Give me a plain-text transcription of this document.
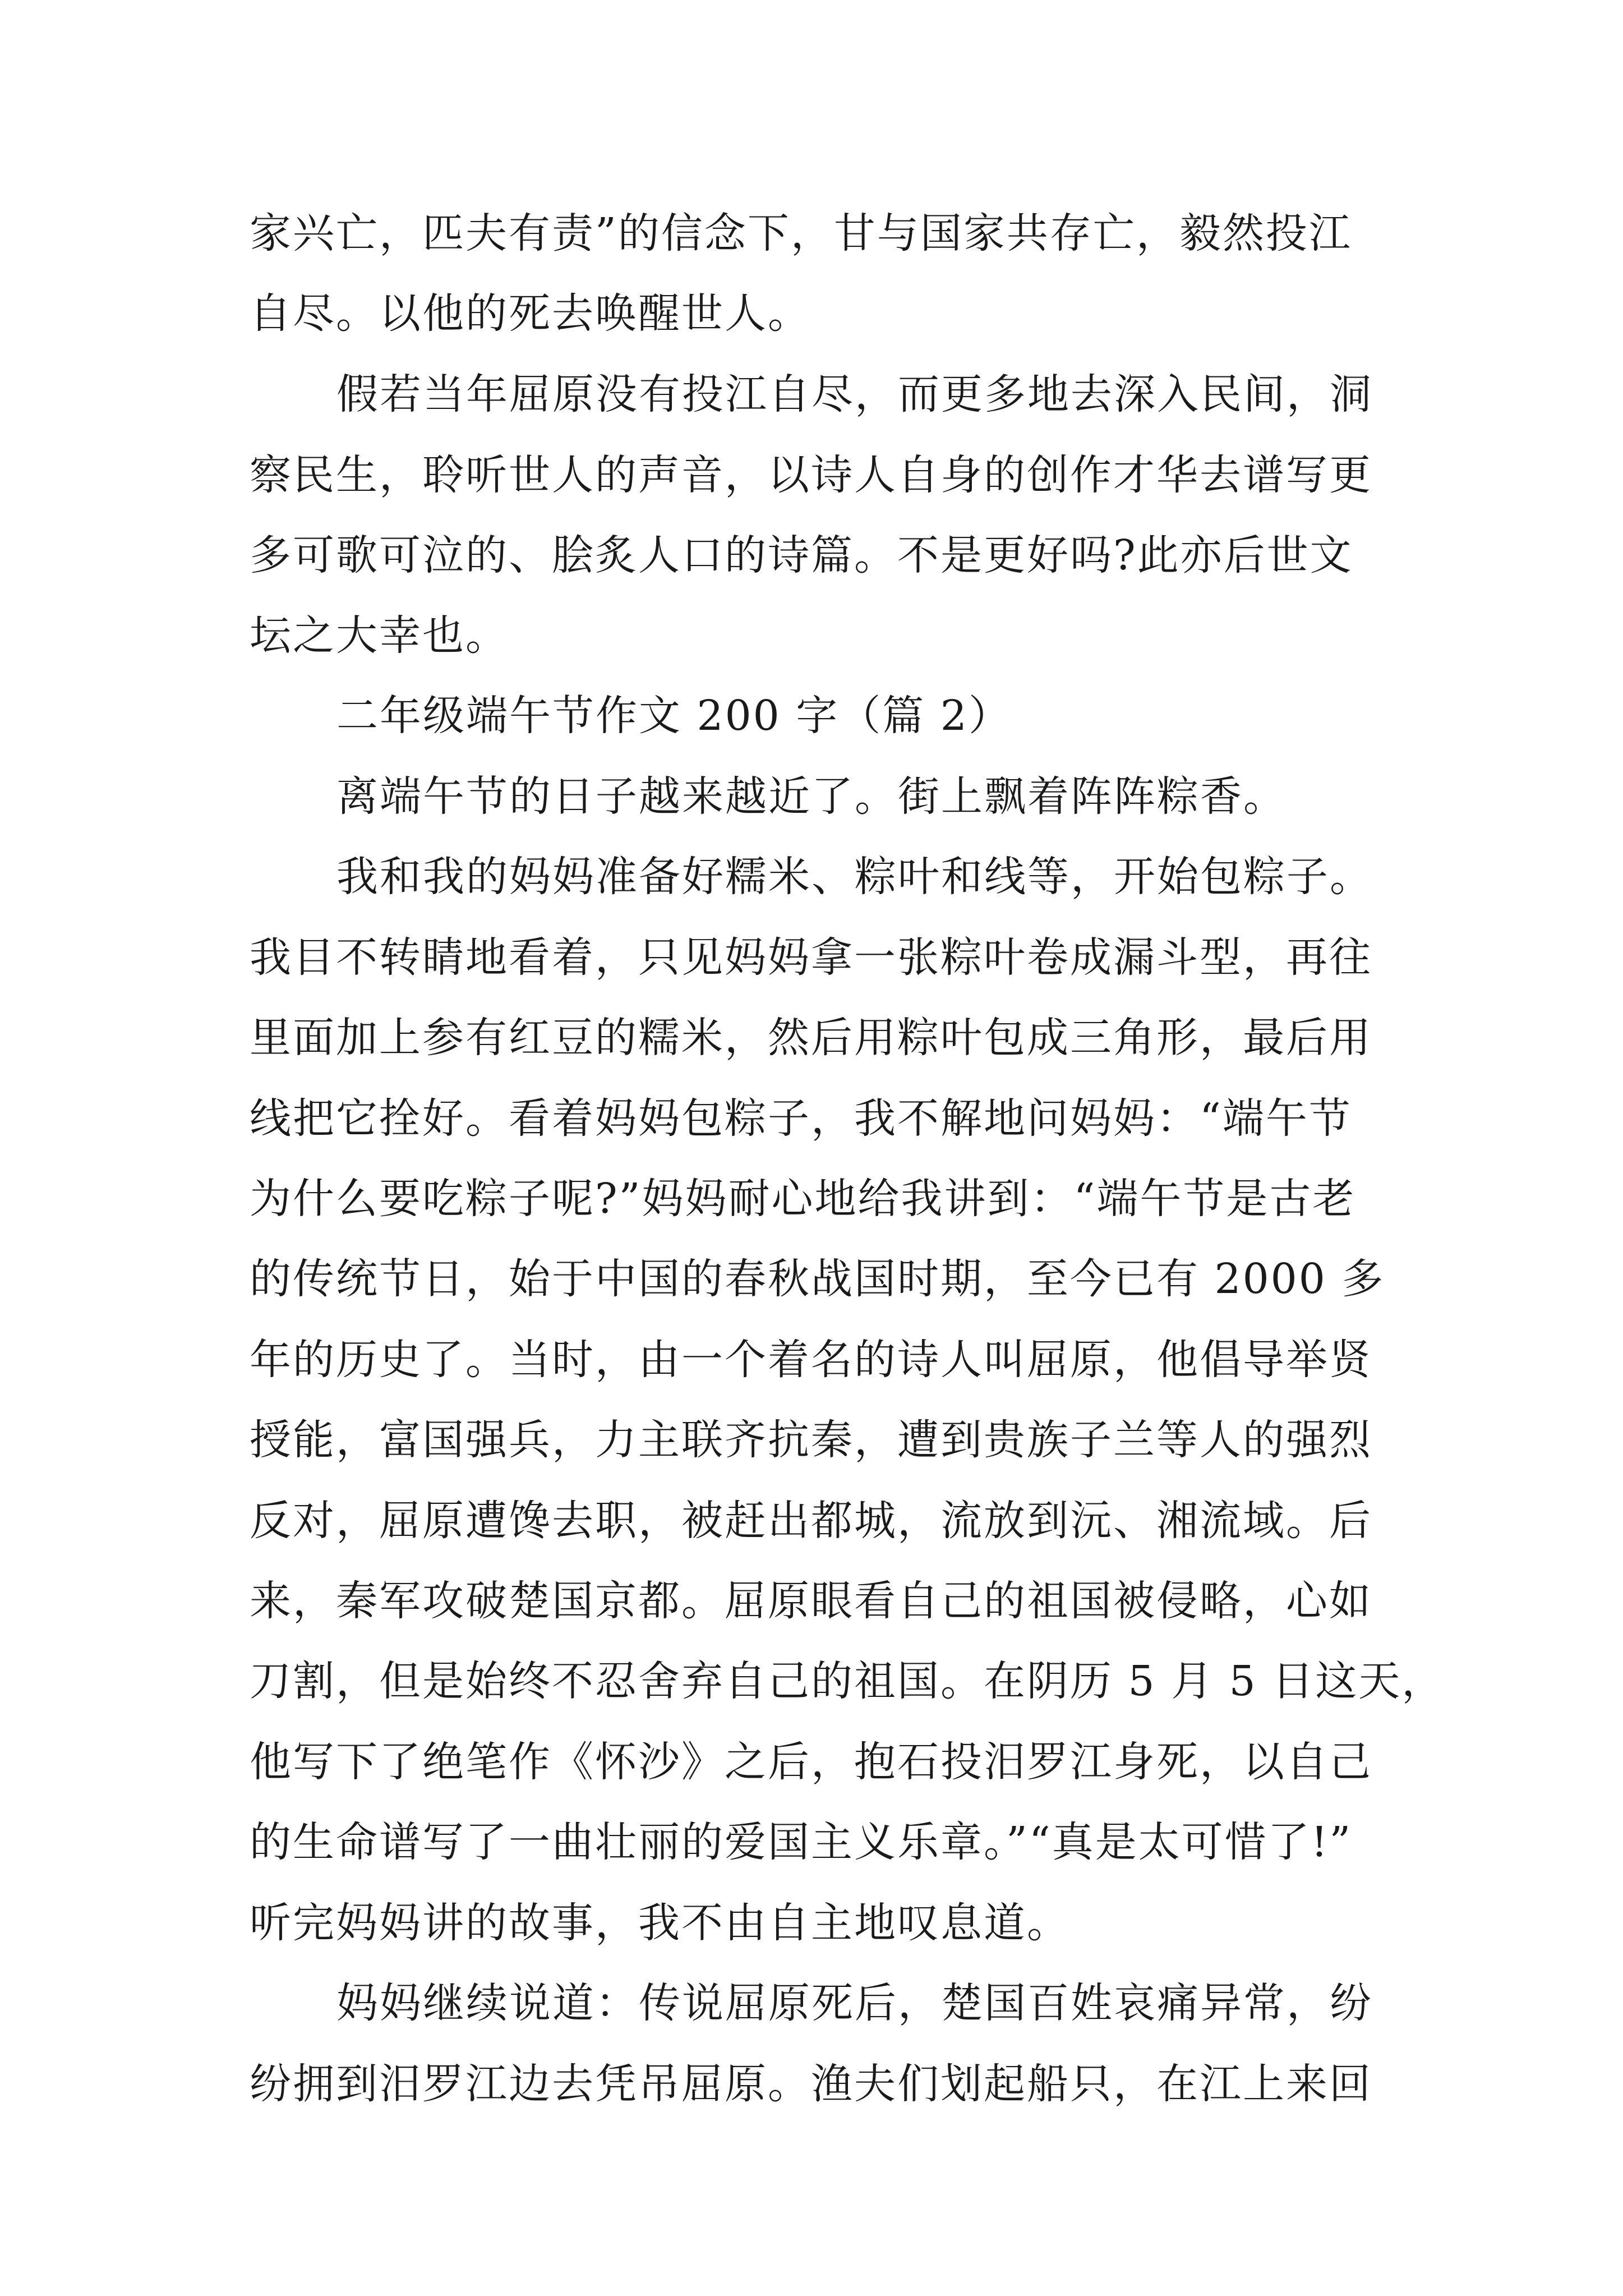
家兴亡，匹夫有责”的信念下，甘与国家共存亡，毅然投江
自尽。以他的死去唤醒世人。
假若当年屈原没有投江自尽，而更多地去深入民间，洞
察民生，聆听世人的声音，以诗人自身的创作才华去谱写更
多可歌可泣的、脍炙人口的诗篇。不是更好吗?此亦后世文
坛之大幸也。
二年级端午节作文 200 字（篇 2）
离端午节的日子越来越近了。街上飘着阵阵粽香。
我和我的妈妈准备好糯米、粽叶和线等，开始包粽子。
我目不转睛地看着，只见妈妈拿一张粽叶卷成漏斗型，再往
里面加上参有红豆的糯米，然后用粽叶包成三角形，最后用
线把它拴好。看着妈妈包粽子，我不解地问妈妈：“端午节
为什么要吃粽子呢?”妈妈耐心地给我讲到：“端午节是古老
的传统节日，始于中国的春秋战国时期，至今已有 2000 多
年的历史了。当时，由一个着名的诗人叫屈原，他倡导举贤
授能，富国强兵，力主联齐抗秦，遭到贵族子兰等人的强烈
反对，屈原遭馋去职，被赶出都城，流放到沅、湘流域。后
来，秦军攻破楚国京都。屈原眼看自己的祖国被侵略，心如
刀割，但是始终不忍舍弃自己的祖国。在阴历 5 月 5 日这天，
他写下了绝笔作《怀沙》之后，抱石投汨罗江身死，以自己
的生命谱写了一曲壮丽的爱国主义乐章。”“真是太可惜了!”
听完妈妈讲的故事，我不由自主地叹息道。
妈妈继续说道：传说屈原死后，楚国百姓哀痛异常，纷
纷拥到汨罗江边去凭吊屈原。渔夫们划起船只，在江上来回
